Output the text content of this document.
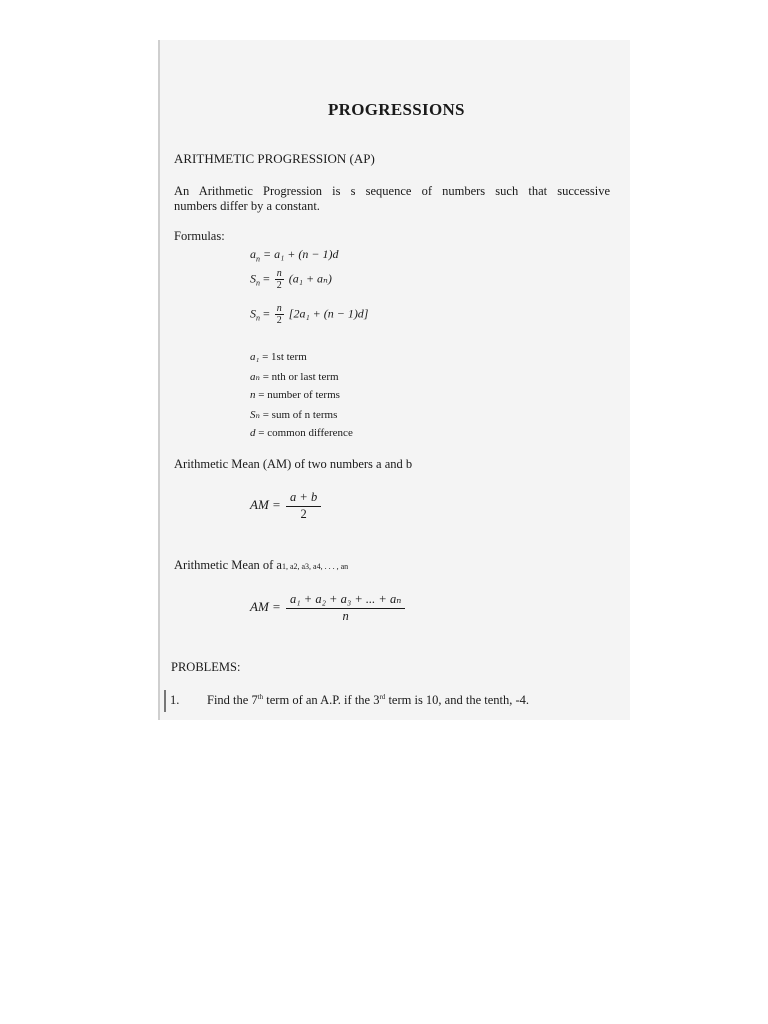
PROGRESSIONS
ARITHMETIC PROGRESSION (AP)
An Arithmetic Progression is s sequence of numbers such that successive
numbers differ by a constant.
Formulas:
$a_n = a_1 + (n - 1)d$
$S_n = \frac{n}{2} (a_1 + a_n)$
$S_n = \frac{n}{2} [2a_1 + (n - 1)d]$
a₁ = 1st term
aₙ = nth or last term
n = number of terms
Sₙ = sum of n terms
d = common difference
Arithmetic Mean (AM) of two numbers a and b
AM = $\frac{a + b}{2}$
Arithmetic Mean of a1, a2, a3, a4, . . . , an
AM = $\frac{\text{a₁ + a₂ + a₃ + ... + aₙ}}{n}$
PROBLEMS:
1. Find the 7th term of an A.P. if the 3rd term is 10, and the tenth, -4.
